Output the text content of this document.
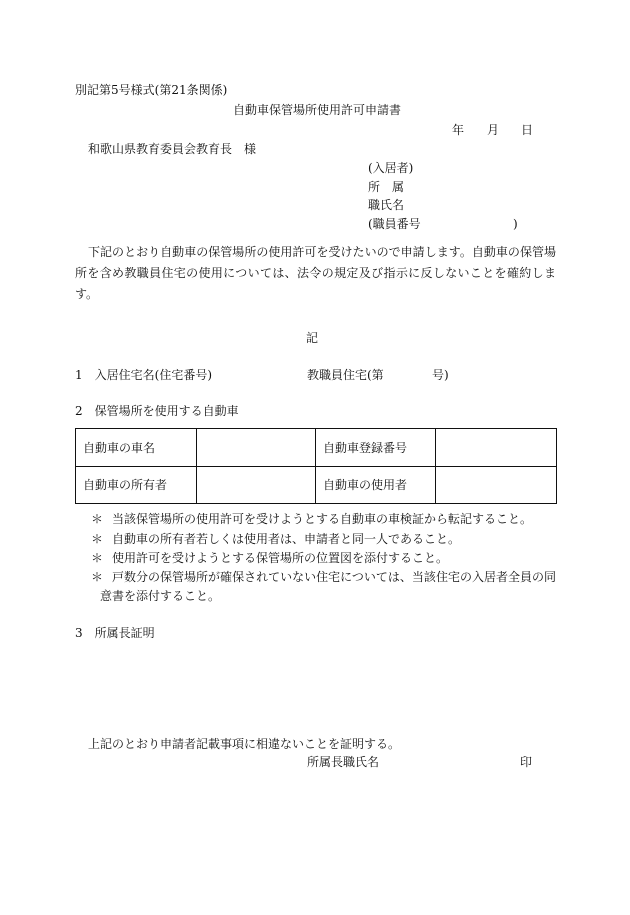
別記第5号様式(第21条関係)
自動車保管場所使用許可申請書
年 月 日
和歌山県教育委員会教育長　様
(入居者)
所　属
職氏名
(職員番号	)
下記のとおり自動車の保管場所の使用許可を受けたいので申請します。自動車の保管場
所を含め教職員住宅の使用については、法令の規定及び指示に反しないことを確約しま
す。
記
1　入居住宅名(住宅番号)	教職員住宅(第	号)
2　保管場所を使用する自動車
自動車の車名		自動車登録番号	
自動車の所有者		自動車の使用者	
＊ 当該保管場所の使用許可を受けようとする自動車の車検証から転記すること。
＊ 自動車の所有者若しくは使用者は、申請者と同一人であること。
＊ 使用許可を受けようとする保管場所の位置図を添付すること。
＊ 戸数分の保管場所が確保されていない住宅については、当該住宅の入居者全員の同
意書を添付すること。
3　所属長証明
上記のとおり申請者記載事項に相違ないことを証明する。
所属長職氏名	印
